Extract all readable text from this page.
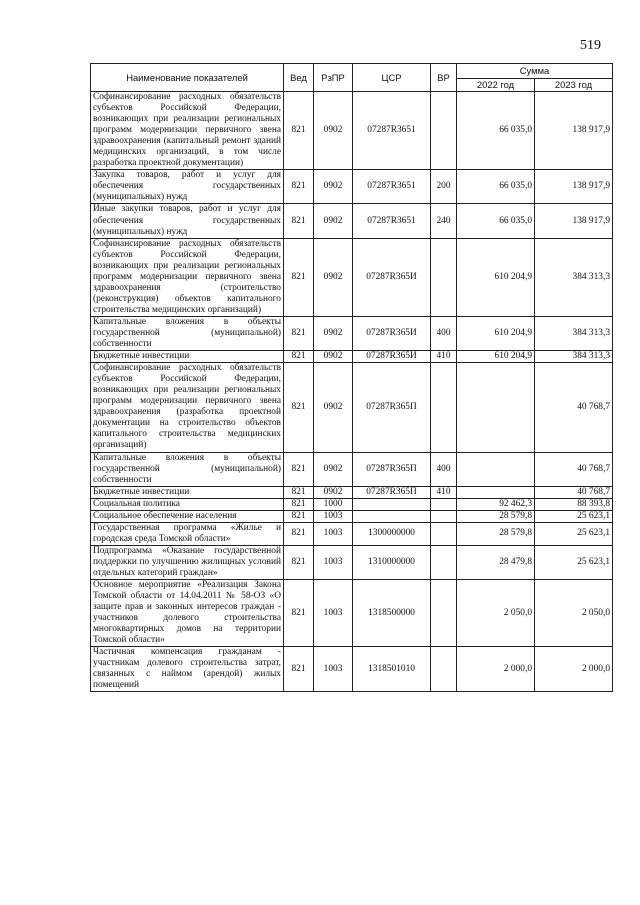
519
Наименование показателей	Вед	РзПР	ЦСР	ВР	Сумма	
					2022 год	2023 год
Софинансирование расходных обязательств субъектов Российской Федерации, возникающих при реализации региональных программ модернизации первичного звена здравоохранения (капитальный ремонт зданий медицинских организаций, в том числе разработка проектной документации)	821	0902	07287R3651		66 035,0	138 917,9
Закупка товаров, работ и услуг для обеспечения государственных (муниципальных) нужд	821	0902	07287R3651	200	66 035,0	138 917,9
Иные закупки товаров, работ и услуг для обеспечения государственных (муниципальных) нужд	821	0902	07287R3651	240	66 035,0	138 917,9
Софинансирование расходных обязательств субъектов Российской Федерации, возникающих при реализации региональных программ модернизации первичного звена здравоохранения (строительство (реконструкция) объектов капитального строительства медицинских организаций)	821	0902	07287R365И		610 204,9	384 313,3
Капитальные вложения в объекты государственной (муниципальной) собственности	821	0902	07287R365И	400	610 204,9	384 313,3
Бюджетные инвестиции	821	0902	07287R365И	410	610 204,9	384 313,3
Софинансирование расходных обязательств субъектов Российской Федерации, возникающих при реализации региональных программ модернизации первичного звена здравоохранения (разработка проектной документации на строительство объектов капитального строительства медицинских организаций)	821	0902	07287R365П			40 768,7
Капитальные вложения в объекты государственной (муниципальной) собственности	821	0902	07287R365П	400		40 768,7
Бюджетные инвестиции	821	0902	07287R365П	410		40 768,7
Социальная политика	821	1000			92 462,3	88 393,8
Социальное обеспечение населения	821	1003			28 579,8	25 623,1
Государственная программа «Жилье и городская среда Томской области»	821	1003	1300000000		28 579,8	25 623,1
Подпрограмма «Оказание государственной поддержки по улучшению жилищных условий отдельных категорий граждан»	821	1003	1310000000		28 479,8	25 623,1
Основное мероприятие «Реализация Закона Томской области от 14.04.2011 № 58-ОЗ «О защите прав и законных интересов граждан - участников долевого строительства многоквартирных домов на территории Томской области»	821	1003	1318500000		2 050,0	2 050,0
Частичная компенсация гражданам - участникам долевого строительства затрат, связанных с наймом (арендой) жилых помещений	821	1003	1318501010		2 000,0	2 000,0
